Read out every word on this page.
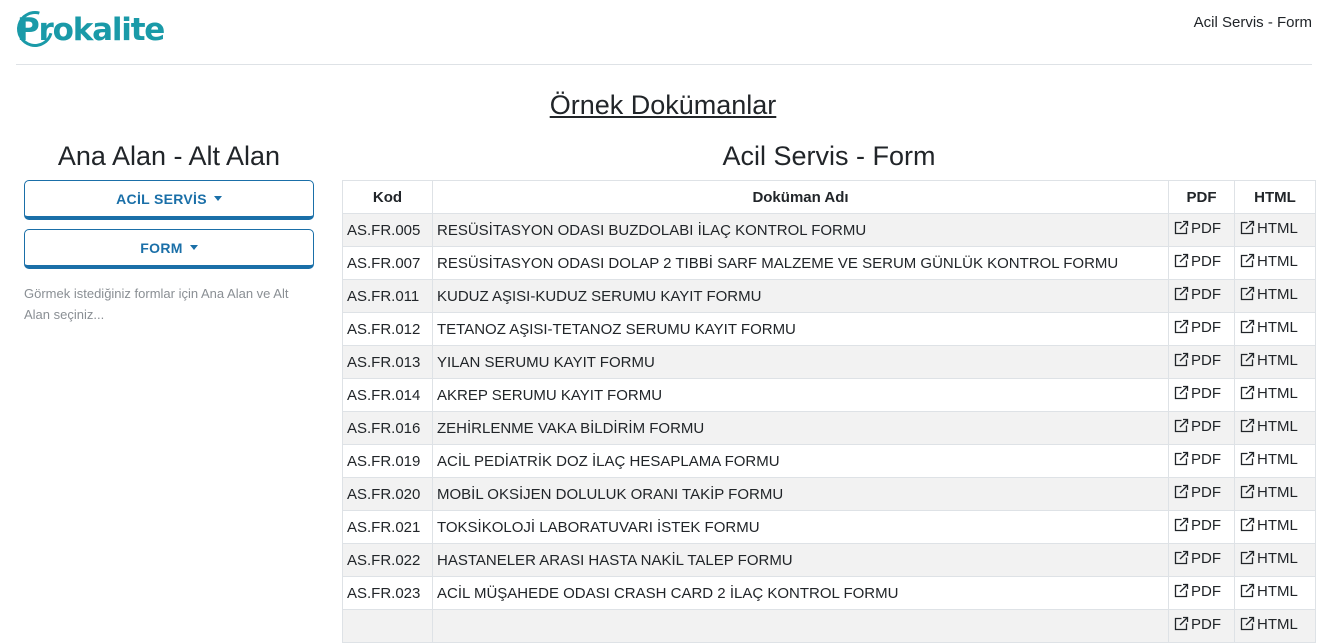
Prokalite	Acil Servis - Form
Örnek Dokümanlar
Ana Alan - Alt Alan
ACİL SERVİS
FORM

Görmek istediğiniz formlar için Ana Alan ve Alt Alan seçiniz...

Acil Servis - Form
Kod	Doküman Adı	PDF	HTML
AS.FR.005	RESÜSİTASYON ODASI BUZDOLABI İLAÇ KONTROL FORMU	PDF	HTML

AS.FR.007	RESÜSİTASYON ODASI DOLAP 2 TIBBİ SARF MALZEME VE SERUM GÜNLÜK KONTROL FORMU	PDF	HTML

AS.FR.011	KUDUZ AŞISI-KUDUZ SERUMU KAYIT FORMU	PDF	HTML

AS.FR.012	TETANOZ AŞISI-TETANOZ SERUMU KAYIT FORMU	PDF	HTML

AS.FR.013	YILAN SERUMU KAYIT FORMU	PDF	HTML

AS.FR.014	AKREP SERUMU KAYIT FORMU	PDF	HTML

AS.FR.016	ZEHİRLENME VAKA BİLDİRİM FORMU	PDF	HTML

AS.FR.019	ACİL PEDİATRİK DOZ İLAÇ HESAPLAMA FORMU	PDF	HTML

AS.FR.020	MOBİL OKSİJEN DOLULUK ORANI TAKİP FORMU	PDF	HTML

AS.FR.021	TOKSİKOLOJİ LABORATUVARI İSTEK FORMU	PDF	HTML

AS.FR.022	HASTANELER ARASI HASTA NAKİL TALEP FORMU	PDF	HTML

AS.FR.023	ACİL MÜŞAHEDE ODASI CRASH CARD 2 İLAÇ KONTROL FORMU	PDF	HTML

		PDF	HTML
